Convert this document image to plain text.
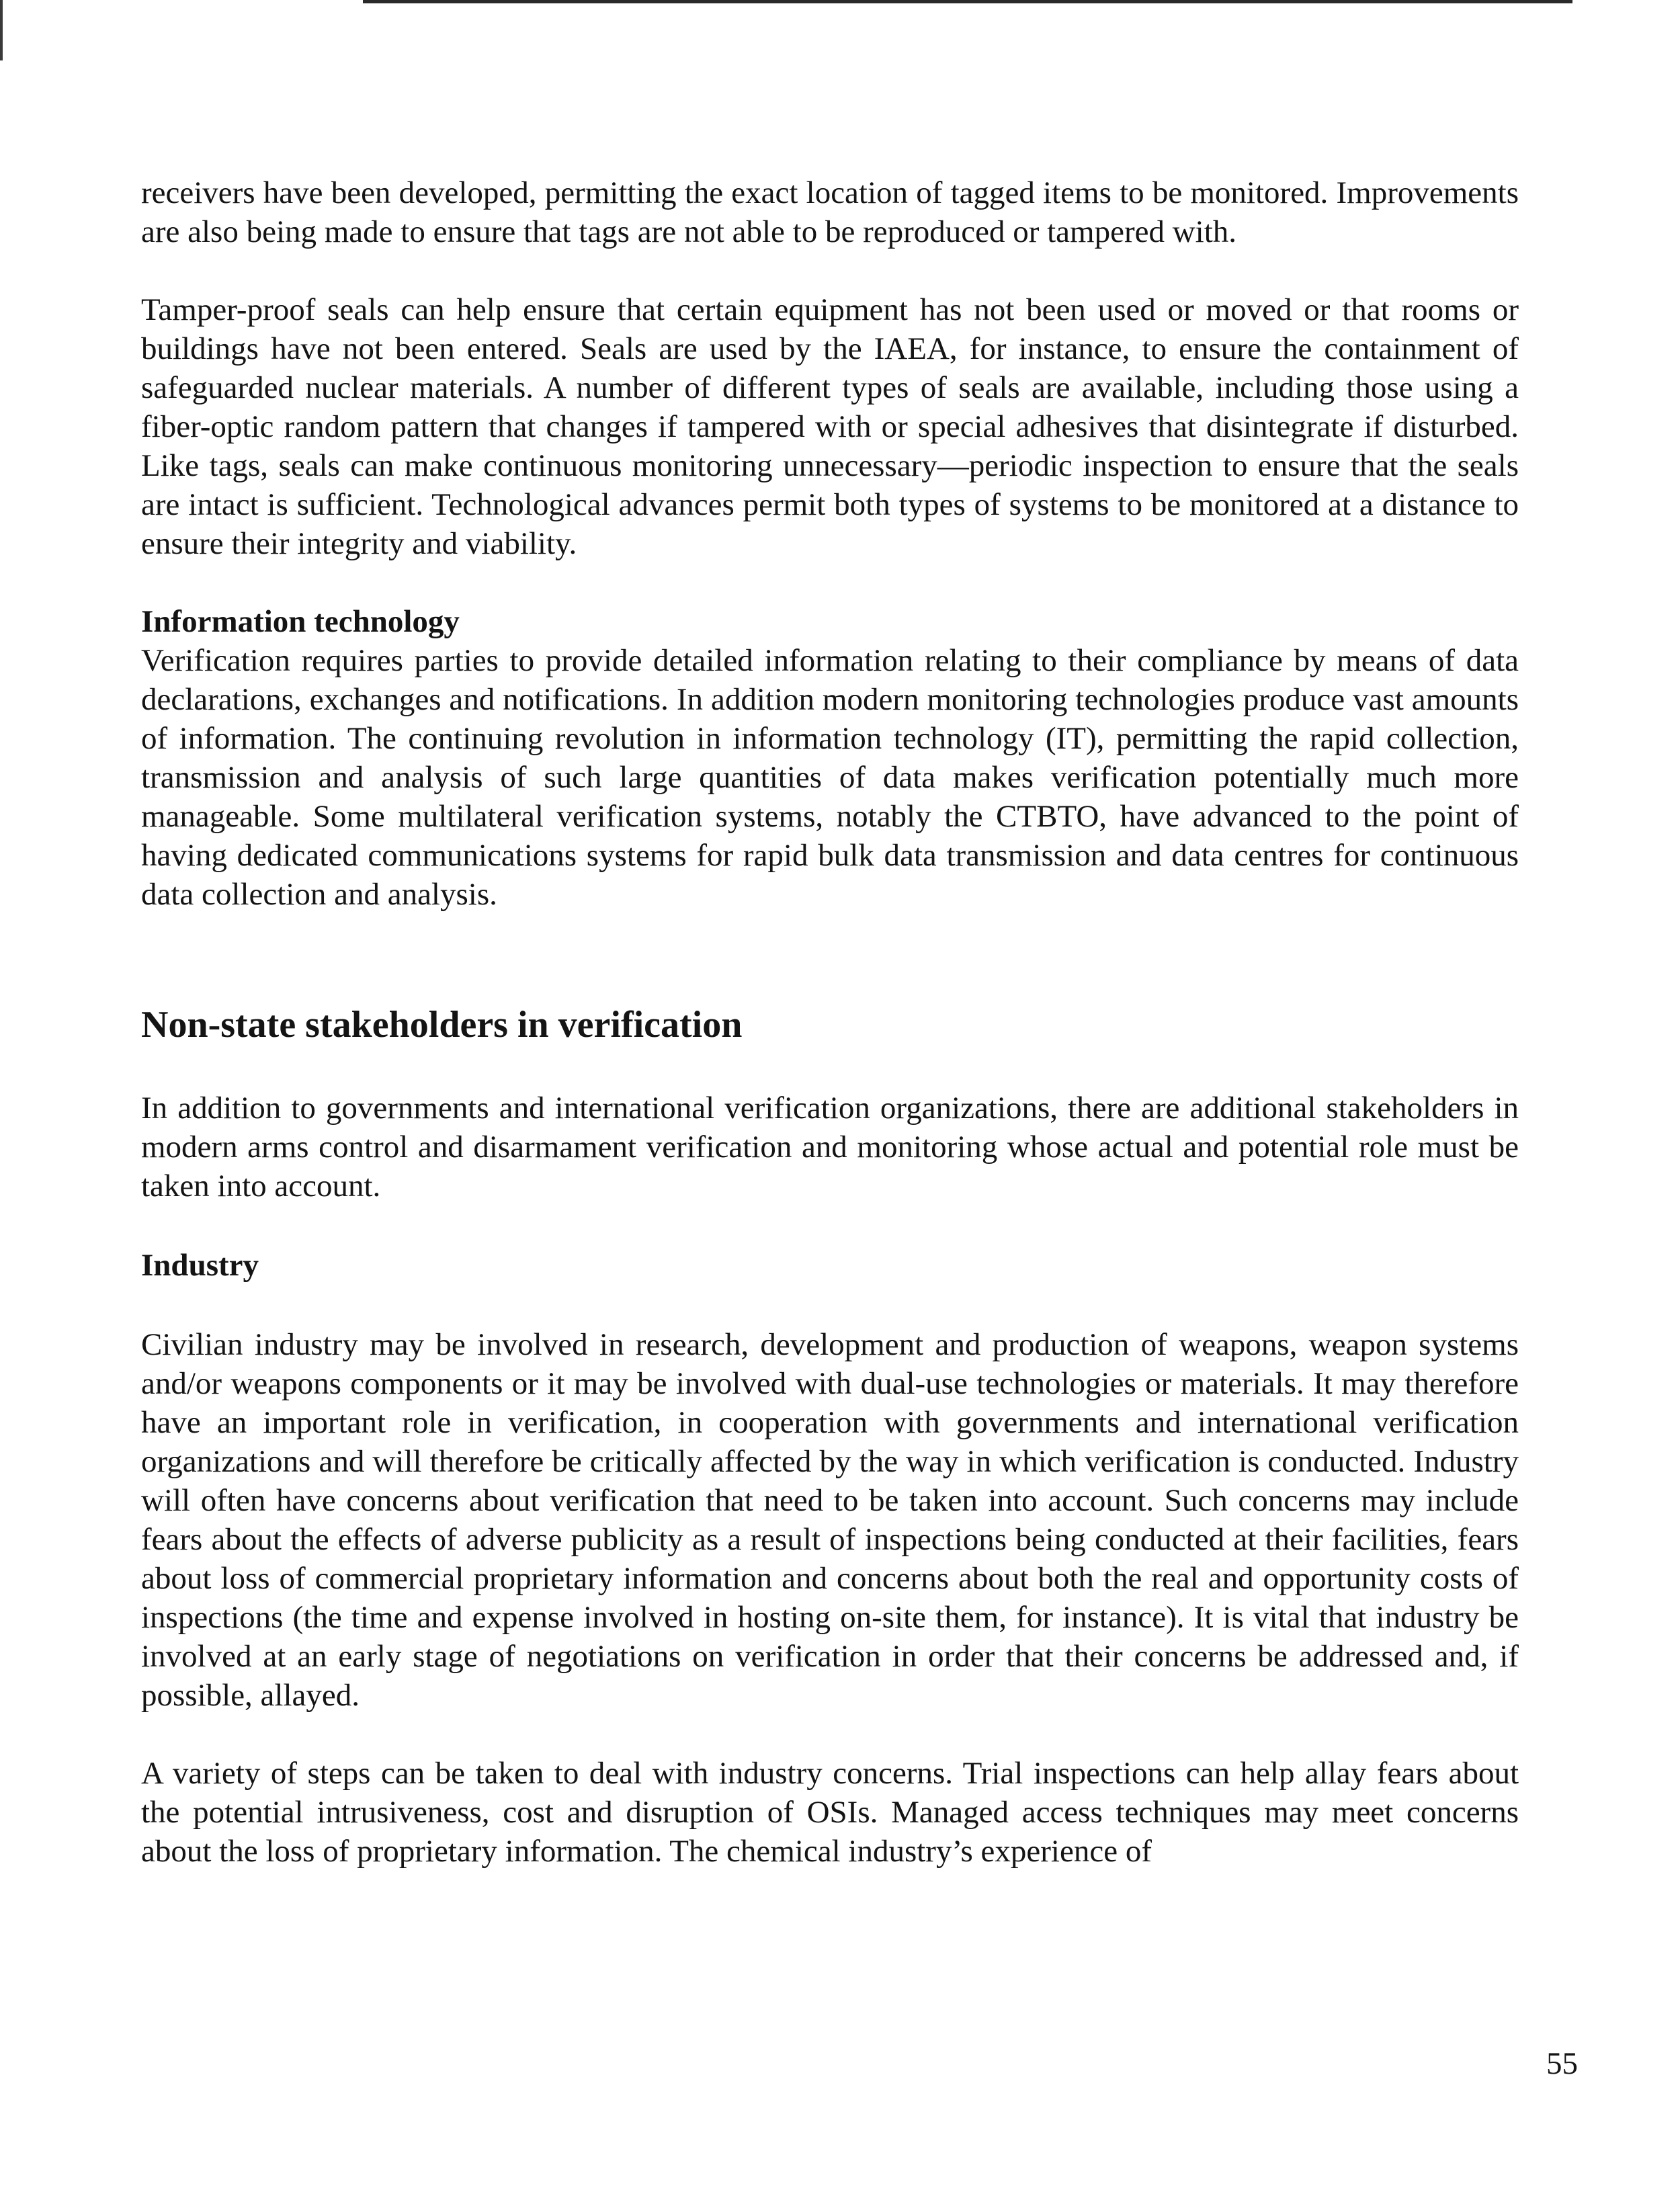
receivers have been developed, permitting the exact location of tagged items to be monitored. Improvements are also being made to ensure that tags are not able to be reproduced or tampered with.

Tamper-proof seals can help ensure that certain equipment has not been used or moved or that rooms or buildings have not been entered. Seals are used by the IAEA, for instance, to ensure the containment of safeguarded nuclear materials. A number of different types of seals are available, including those using a fiber-optic random pattern that changes if tampered with or special adhesives that disintegrate if disturbed. Like tags, seals can make continuous monitoring unnecessary—periodic inspection to ensure that the seals are intact is sufficient. Technological advances permit both types of systems to be monitored at a distance to ensure their integrity and viability.

Information technology

Verification requires parties to provide detailed information relating to their compliance by means of data declarations, exchanges and notifications. In addition modern monitoring technologies produce vast amounts of information. The continuing revolution in information technology (IT), permitting the rapid collection, transmission and analysis of such large quantities of data makes verification potentially much more manageable. Some multilateral verification systems, notably the CTBTO, have advanced to the point of having dedicated communications systems for rapid bulk data transmission and data centres for continuous data collection and analysis.

Non-state stakeholders in verification

In addition to governments and international verification organizations, there are additional stakeholders in modern arms control and disarmament verification and monitoring whose actual and potential role must be taken into account.

Industry

Civilian industry may be involved in research, development and production of weapons, weapon systems and/or weapons components or it may be involved with dual-use technologies or materials. It may therefore have an important role in verification, in cooperation with governments and international verification organizations and will therefore be critically affected by the way in which verification is conducted. Industry will often have concerns about verification that need to be taken into account. Such concerns may include fears about the effects of adverse publicity as a result of inspections being conducted at their facilities, fears about loss of commercial proprietary information and concerns about both the real and opportunity costs of inspections (the time and expense involved in hosting on-site them, for instance). It is vital that industry be involved at an early stage of negotiations on verification in order that their concerns be addressed and, if possible, allayed.

A variety of steps can be taken to deal with industry concerns. Trial inspections can help allay fears about the potential intrusiveness, cost and disruption of OSIs. Managed access techniques may meet concerns about the loss of proprietary information. The chemical industry’s experience of

55
